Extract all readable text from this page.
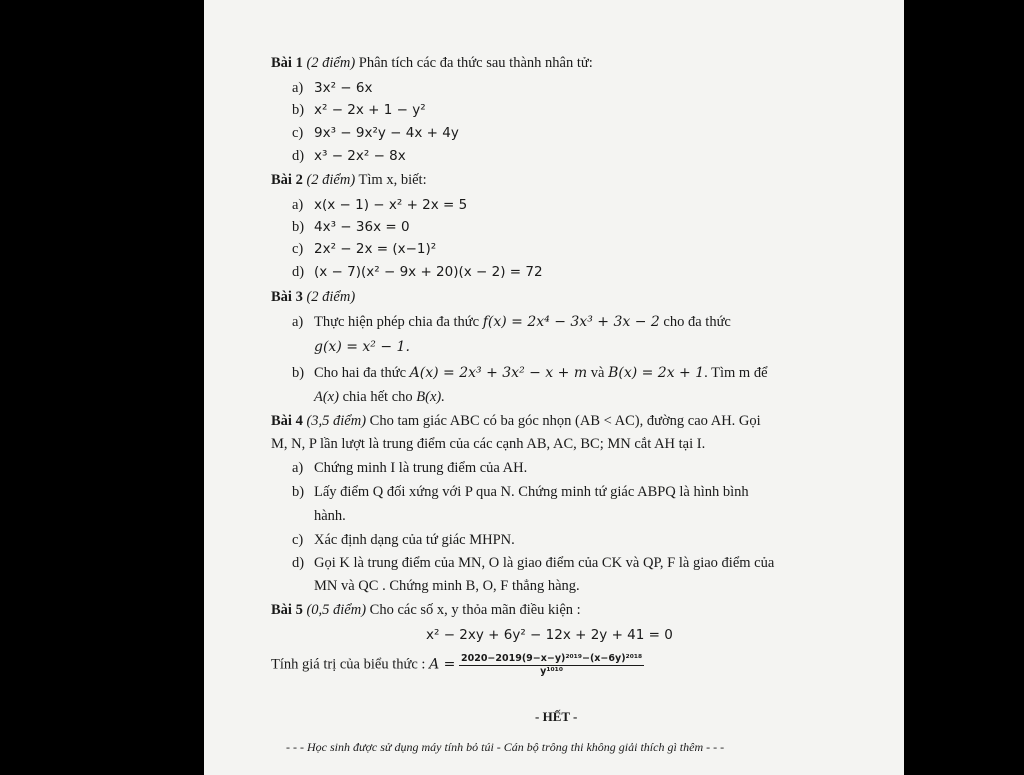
Bài 1 (2 điểm) Phân tích các đa thức sau thành nhân tử:
a) 3x² − 6x
b) x² − 2x + 1 − y²
c) 9x³ − 9x²y − 4x + 4y
d) x³ − 2x² − 8x
Bài 2 (2 điểm) Tìm x, biết:
a) x(x − 1) − x² + 2x = 5
b) 4x³ − 36x = 0
c) 2x² − 2x = (x−1)²
d) (x − 7)(x² − 9x + 20)(x − 2) = 72
Bài 3 (2 điểm)
a) Thực hiện phép chia đa thức f(x) = 2x⁴ − 3x³ + 3x − 2 cho đa thức
g(x) = x² − 1.
b) Cho hai đa thức A(x) = 2x³ + 3x² − x + m và B(x) = 2x + 1. Tìm m để
A(x) chia hết cho B(x).
Bài 4 (3,5 điểm) Cho tam giác ABC có ba góc nhọn (AB < AC), đường cao AH. Gọi
M, N, P lần lượt là trung điểm của các cạnh AB, AC, BC; MN cắt AH tại I.
a) Chứng minh I là trung điểm của AH.
b) Lấy điểm Q đối xứng với P qua N. Chứng minh tứ giác ABPQ là hình bình
hành.
c) Xác định dạng của tứ giác MHPN.
d) Gọi K là trung điểm của MN, O là giao điểm của CK và QP, F là giao điểm của
MN và QC . Chứng minh B, O, F thẳng hàng.
Bài 5 (0,5 điểm) Cho các số x, y thỏa mãn điều kiện :
x² − 2xy + 6y² − 12x + 2y + 41 = 0
Tính giá trị của biểu thức : $A = \frac{\text{2020−2019(9−x−y)²⁰¹⁹−(x−6y)²⁰¹⁸}}{\text{y¹⁰¹⁰}}$
- HẾT -
- - - Học sinh được sử dụng máy tính bỏ túi - Cán bộ trông thi không giải thích gì thêm - - -
